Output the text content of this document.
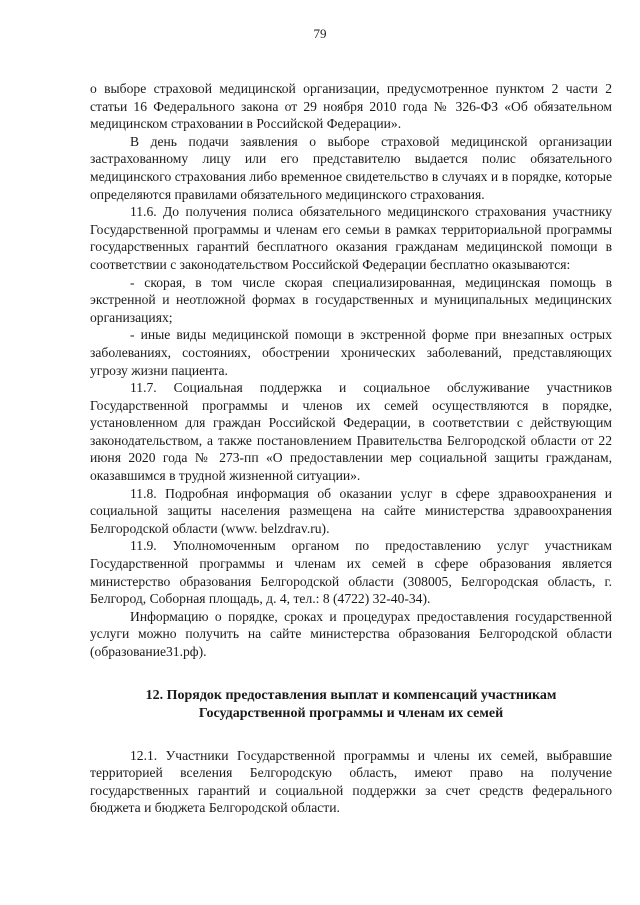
79

о выборе страховой медицинской организации, предусмотренное пунктом 2 части 2 статьи 16 Федерального закона от 29 ноября 2010 года № 326-ФЗ «Об обязательном медицинском страховании в Российской Федерации».

В день подачи заявления о выборе страховой медицинской организации застрахованному лицу или его представителю выдается полис обязательного медицинского страхования либо временное свидетельство в случаях и в порядке, которые определяются правилами обязательного медицинского страхования.

11.6. До получения полиса обязательного медицинского страхования участнику Государственной программы и членам его семьи в рамках территориальной программы государственных гарантий бесплатного оказания гражданам медицинской помощи в соответствии с законодательством Российской Федерации бесплатно оказываются:

- скорая, в том числе скорая специализированная, медицинская помощь в экстренной и неотложной формах в государственных и муниципальных медицинских организациях;

- иные виды медицинской помощи в экстренной форме при внезапных острых заболеваниях, состояниях, обострении хронических заболеваний, представляющих угрозу жизни пациента.

11.7. Социальная поддержка и социальное обслуживание участников Государственной программы и членов их семей осуществляются в порядке, установленном для граждан Российской Федерации, в соответствии с действующим законодательством, а также постановлением Правительства Белгородской области от 22 июня 2020 года № 273-пп «О предоставлении мер социальной защиты гражданам, оказавшимся в трудной жизненной ситуации».

11.8. Подробная информация об оказании услуг в сфере здравоохранения и социальной защиты населения размещена на сайте министерства здравоохранения Белгородской области (www. belzdrav.ru).

11.9. Уполномоченным органом по предоставлению услуг участникам Государственной программы и членам их семей в сфере образования является министерство образования Белгородской области (308005, Белгородская область, г. Белгород, Соборная площадь, д. 4, тел.: 8 (4722) 32-40-34).

Информацию о порядке, сроках и процедурах предоставления государственной услуги можно получить на сайте министерства образования Белгородской области (образование31.рф).

12. Порядок предоставления выплат и компенсаций участникам

Государственной программы и членам их семей

12.1. Участники Государственной программы и члены их семей, выбравшие территорией вселения Белгородскую область, имеют право на получение государственных гарантий и социальной поддержки за счет средств федерального бюджета и бюджета Белгородской области.
